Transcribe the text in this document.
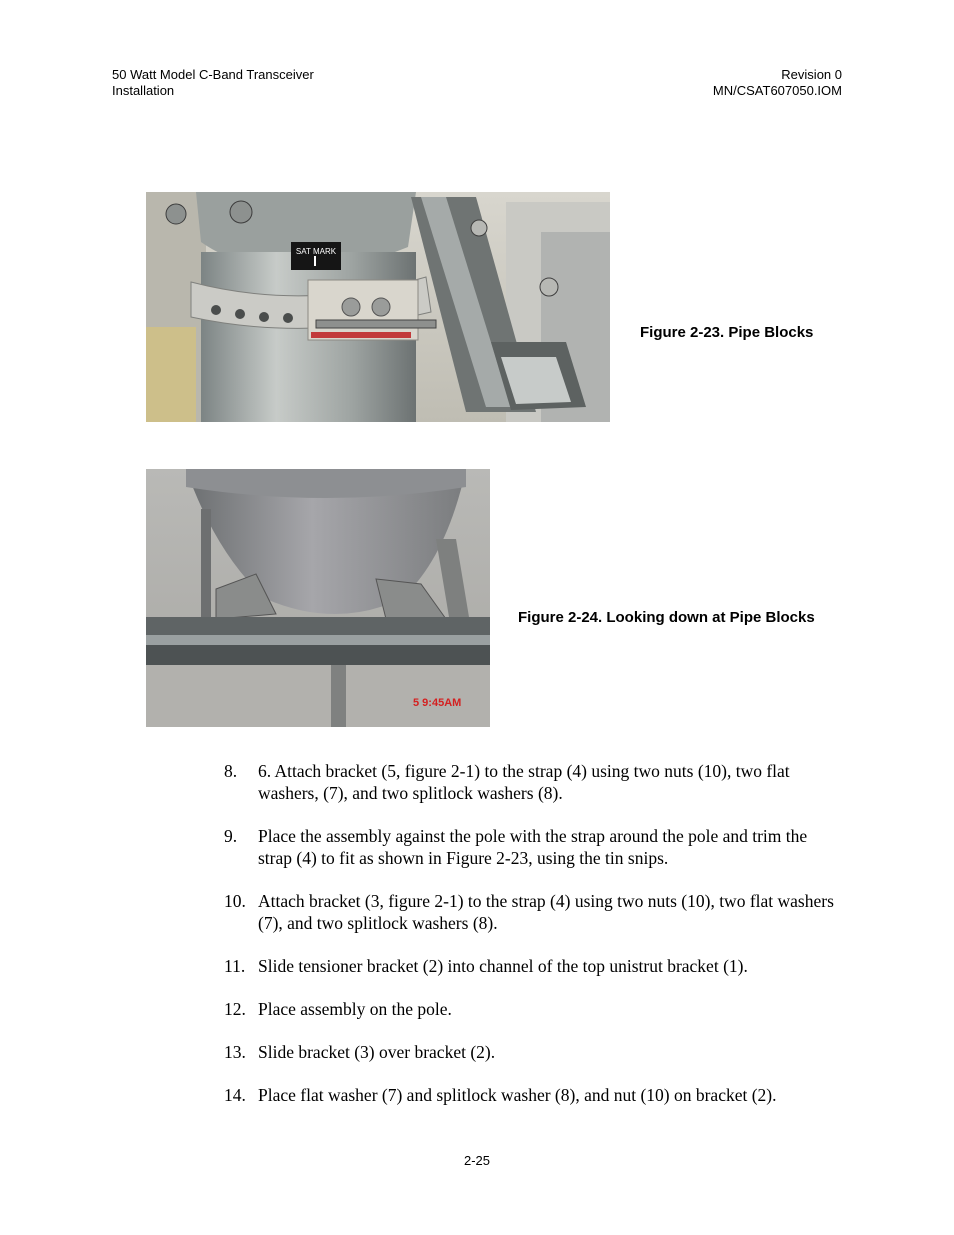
50 Watt Model C-Band Transceiver
Installation
Revision 0
MN/CSAT607050.IOM
SAT MARK
Figure 2-23. Pipe Blocks
5 9:45AM
Figure 2-24. Looking down at Pipe Blocks
8.	6. Attach bracket (5, figure 2-1) to the strap (4) using two nuts (10), two flat washers, (7), and two splitlock washers (8).
9.	Place the assembly against the pole with the strap around the pole and trim the strap (4) to fit as shown in Figure 2-23, using the tin snips.
10. Attach bracket (3, figure 2-1) to the strap (4) using two nuts (10), two flat washers (7), and two splitlock washers (8).
11. Slide tensioner bracket (2) into channel of the top unistrut bracket (1).
12. Place assembly on the pole.
13. Slide bracket (3) over bracket (2).
14. Place flat washer (7) and splitlock washer (8), and nut (10) on bracket (2).
2-25
